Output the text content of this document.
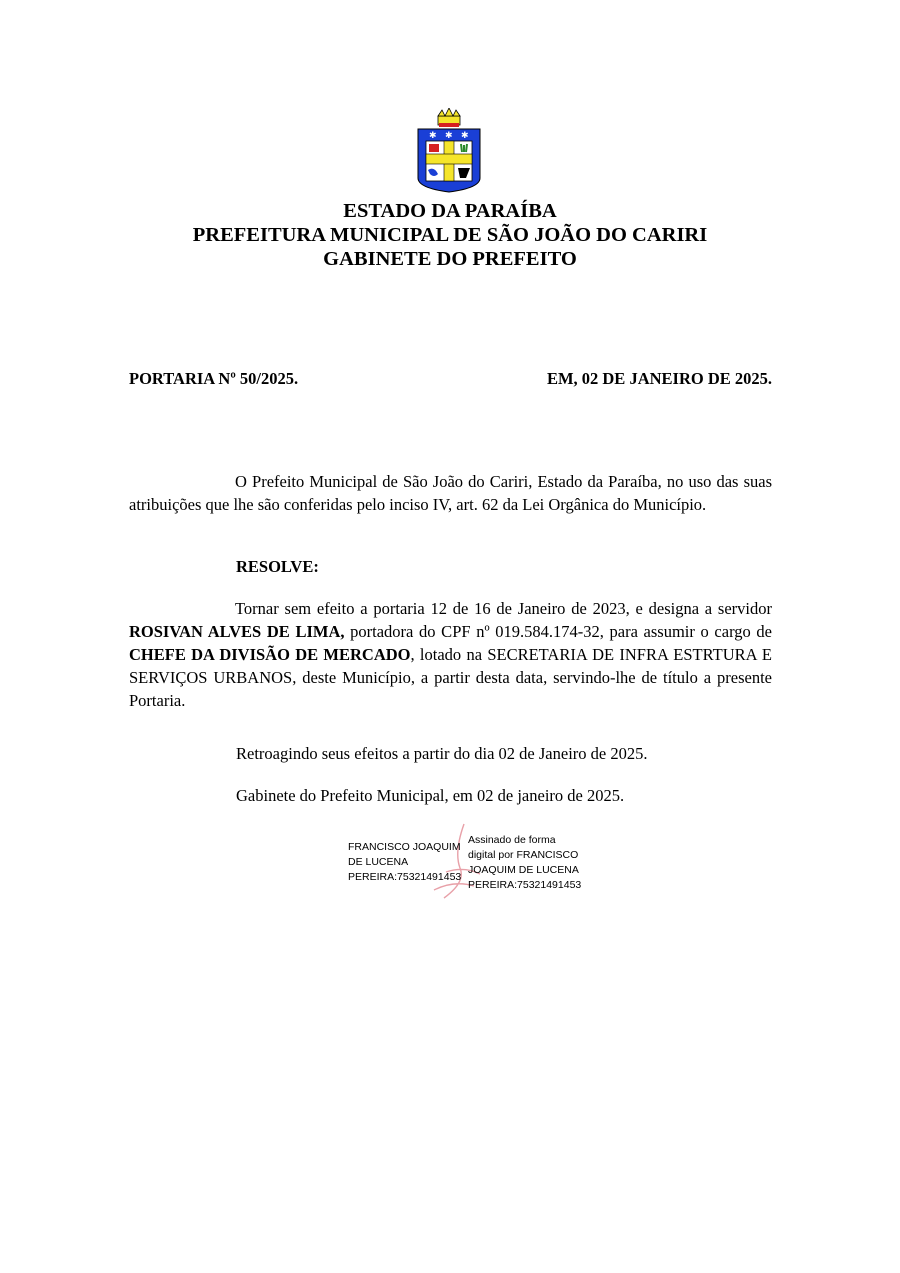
✱ ✱ ✱
ESTADO DA PARAÍBA
PREFEITURA MUNICIPAL DE SÃO JOÃO DO CARIRI
GABINETE DO PREFEITO
PORTARIA Nº 50/2025.	EM, 02 DE JANEIRO DE 2025.
O Prefeito Municipal de São João do Cariri, Estado da Paraíba, no uso das suas atribuições que lhe são conferidas pelo inciso IV, art. 62 da Lei Orgânica do Município.
RESOLVE:
Tornar sem efeito a portaria 12 de 16 de Janeiro de 2023, e designa a servidor ROSIVAN ALVES DE LIMA, portadora do CPF nº 019.584.174-32, para assumir o cargo de CHEFE DA DIVISÃO DE MERCADO, lotado na SECRETARIA DE INFRA ESTRTURA E SERVIÇOS URBANOS, deste Município, a partir desta data, servindo-lhe de título a presente Portaria.
Retroagindo seus efeitos a partir do dia 02 de Janeiro de 2025.
Gabinete do Prefeito Municipal, em 02 de janeiro de 2025.
FRANCISCO JOAQUIM
DE LUCENA
PEREIRA:75321491453
Assinado de forma
digital por FRANCISCO
JOAQUIM DE LUCENA
PEREIRA:75321491453
